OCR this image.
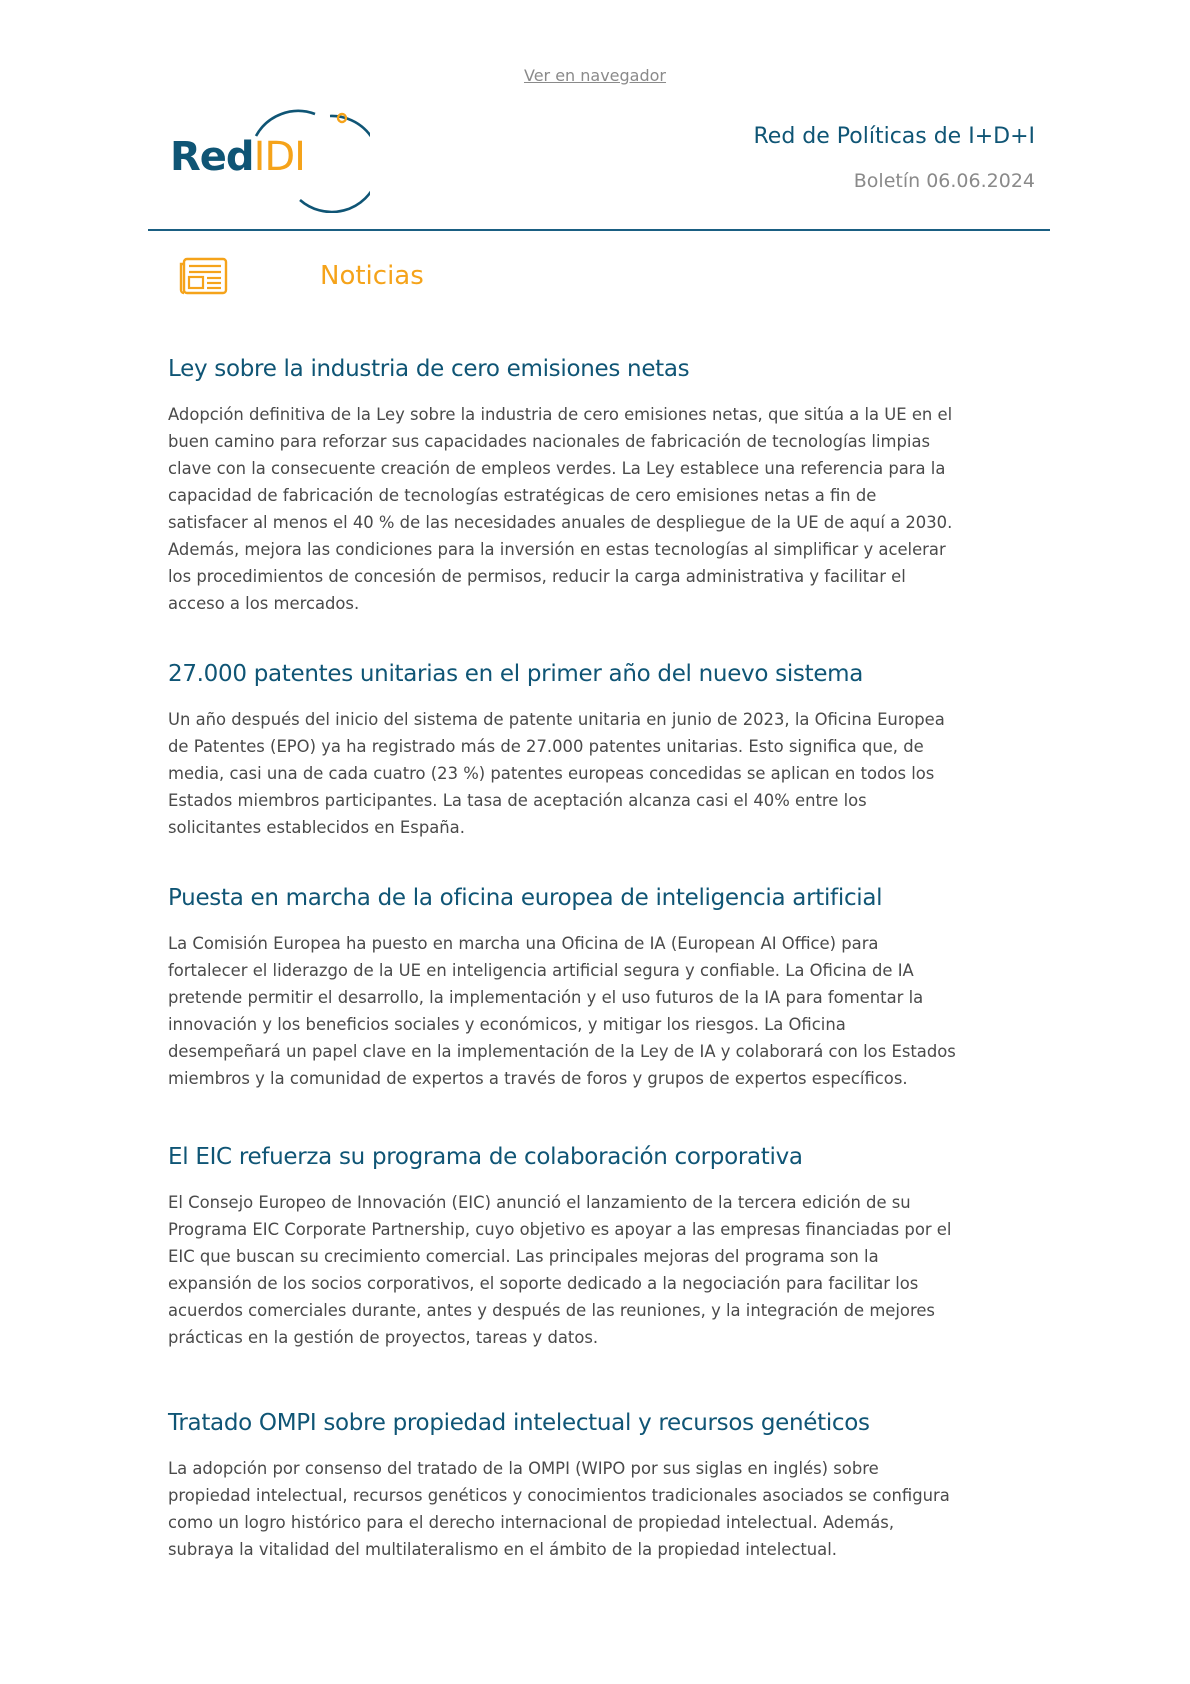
Ver en navegador
RedIDI	Red de Políticas de I+D+I
Boletín 06.06.2024
Noticias
Ley sobre la industria de cero emisiones netas
Adopción definitiva de la Ley sobre la industria de cero emisiones netas, que sitúa a la UE en el
buen camino para reforzar sus capacidades nacionales de fabricación de tecnologías limpias
clave con la consecuente creación de empleos verdes. La Ley establece una referencia para la
capacidad de fabricación de tecnologías estratégicas de cero emisiones netas a fin de
satisfacer al menos el 40 % de las necesidades anuales de despliegue de la UE de aquí a 2030.
Además, mejora las condiciones para la inversión en estas tecnologías al simplificar y acelerar
los procedimientos de concesión de permisos, reducir la carga administrativa y facilitar el
acceso a los mercados.
27.000 patentes unitarias en el primer año del nuevo sistema
Un año después del inicio del sistema de patente unitaria en junio de 2023, la Oficina Europea
de Patentes (EPO) ya ha registrado más de 27.000 patentes unitarias. Esto significa que, de
media, casi una de cada cuatro (23 %) patentes europeas concedidas se aplican en todos los
Estados miembros participantes. La tasa de aceptación alcanza casi el 40% entre los
solicitantes establecidos en España.
Puesta en marcha de la oficina europea de inteligencia artificial
La Comisión Europea ha puesto en marcha una Oficina de IA (European AI Office) para
fortalecer el liderazgo de la UE en inteligencia artificial segura y confiable. La Oficina de IA
pretende permitir el desarrollo, la implementación y el uso futuros de la IA para fomentar la
innovación y los beneficios sociales y económicos, y mitigar los riesgos. La Oficina
desempeñará un papel clave en la implementación de la Ley de IA y colaborará con los Estados
miembros y la comunidad de expertos a través de foros y grupos de expertos específicos.
El EIC refuerza su programa de colaboración corporativa
El Consejo Europeo de Innovación (EIC) anunció el lanzamiento de la tercera edición de su
Programa EIC Corporate Partnership, cuyo objetivo es apoyar a las empresas financiadas por el
EIC que buscan su crecimiento comercial. Las principales mejoras del programa son la
expansión de los socios corporativos, el soporte dedicado a la negociación para facilitar los
acuerdos comerciales durante, antes y después de las reuniones, y la integración de mejores
prácticas en la gestión de proyectos, tareas y datos.
Tratado OMPI sobre propiedad intelectual y recursos genéticos
La adopción por consenso del tratado de la OMPI (WIPO por sus siglas en inglés) sobre
propiedad intelectual, recursos genéticos y conocimientos tradicionales asociados se configura
como un logro histórico para el derecho internacional de propiedad intelectual. Además,
subraya la vitalidad del multilateralismo en el ámbito de la propiedad intelectual.
